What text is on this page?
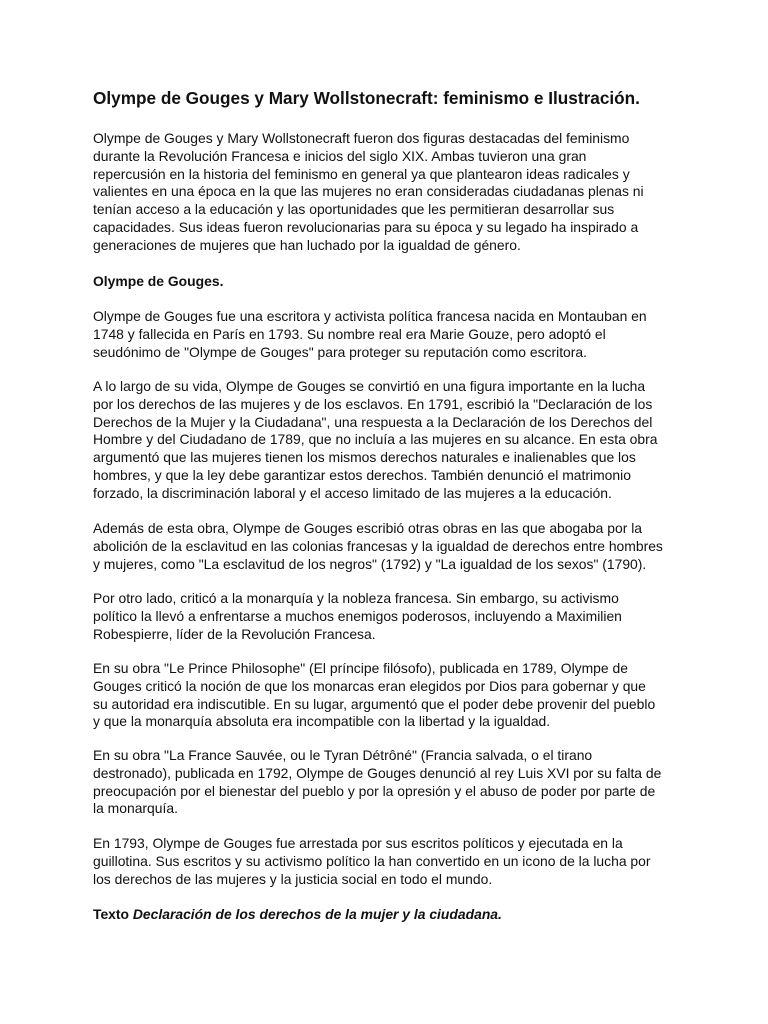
Olympe de Gouges y Mary Wollstonecraft: feminismo e Ilustración.

Olympe de Gouges y Mary Wollstonecraft fueron dos figuras destacadas del feminismo
durante la Revolución Francesa e inicios del siglo XIX. Ambas tuvieron una gran
repercusión en la historia del feminismo en general ya que plantearon ideas radicales y
valientes en una época en la que las mujeres no eran consideradas ciudadanas plenas ni
tenían acceso a la educación y las oportunidades que les permitieran desarrollar sus
capacidades. Sus ideas fueron revolucionarias para su época y su legado ha inspirado a
generaciones de mujeres que han luchado por la igualdad de género.

Olympe de Gouges.

Olympe de Gouges fue una escritora y activista política francesa nacida en Montauban en
1748 y fallecida en París en 1793. Su nombre real era Marie Gouze, pero adoptó el
seudónimo de "Olympe de Gouges" para proteger su reputación como escritora.

A lo largo de su vida, Olympe de Gouges se convirtió en una figura importante en la lucha
por los derechos de las mujeres y de los esclavos. En 1791, escribió la "Declaración de los
Derechos de la Mujer y la Ciudadana", una respuesta a la Declaración de los Derechos del
Hombre y del Ciudadano de 1789, que no incluía a las mujeres en su alcance. En esta obra
argumentó que las mujeres tienen los mismos derechos naturales e inalienables que los
hombres, y que la ley debe garantizar estos derechos. También denunció el matrimonio
forzado, la discriminación laboral y el acceso limitado de las mujeres a la educación.

Además de esta obra, Olympe de Gouges escribió otras obras en las que abogaba por la
abolición de la esclavitud en las colonias francesas y la igualdad de derechos entre hombres
y mujeres, como "La esclavitud de los negros" (1792) y "La igualdad de los sexos" (1790).

Por otro lado, criticó a la monarquía y la nobleza francesa. Sin embargo, su activismo
político la llevó a enfrentarse a muchos enemigos poderosos, incluyendo a Maximilien
Robespierre, líder de la Revolución Francesa.

En su obra "Le Prince Philosophe" (El príncipe filósofo), publicada en 1789, Olympe de
Gouges criticó la noción de que los monarcas eran elegidos por Dios para gobernar y que
su autoridad era indiscutible. En su lugar, argumentó que el poder debe provenir del pueblo
y que la monarquía absoluta era incompatible con la libertad y la igualdad.

En su obra "La France Sauvée, ou le Tyran Détrôné" (Francia salvada, o el tirano
destronado), publicada en 1792, Olympe de Gouges denunció al rey Luis XVI por su falta de
preocupación por el bienestar del pueblo y por la opresión y el abuso de poder por parte de
la monarquía.

En 1793, Olympe de Gouges fue arrestada por sus escritos políticos y ejecutada en la
guillotina. Sus escritos y su activismo político la han convertido en un icono de la lucha por
los derechos de las mujeres y la justicia social en todo el mundo.

Texto Declaración de los derechos de la mujer y la ciudadana.
